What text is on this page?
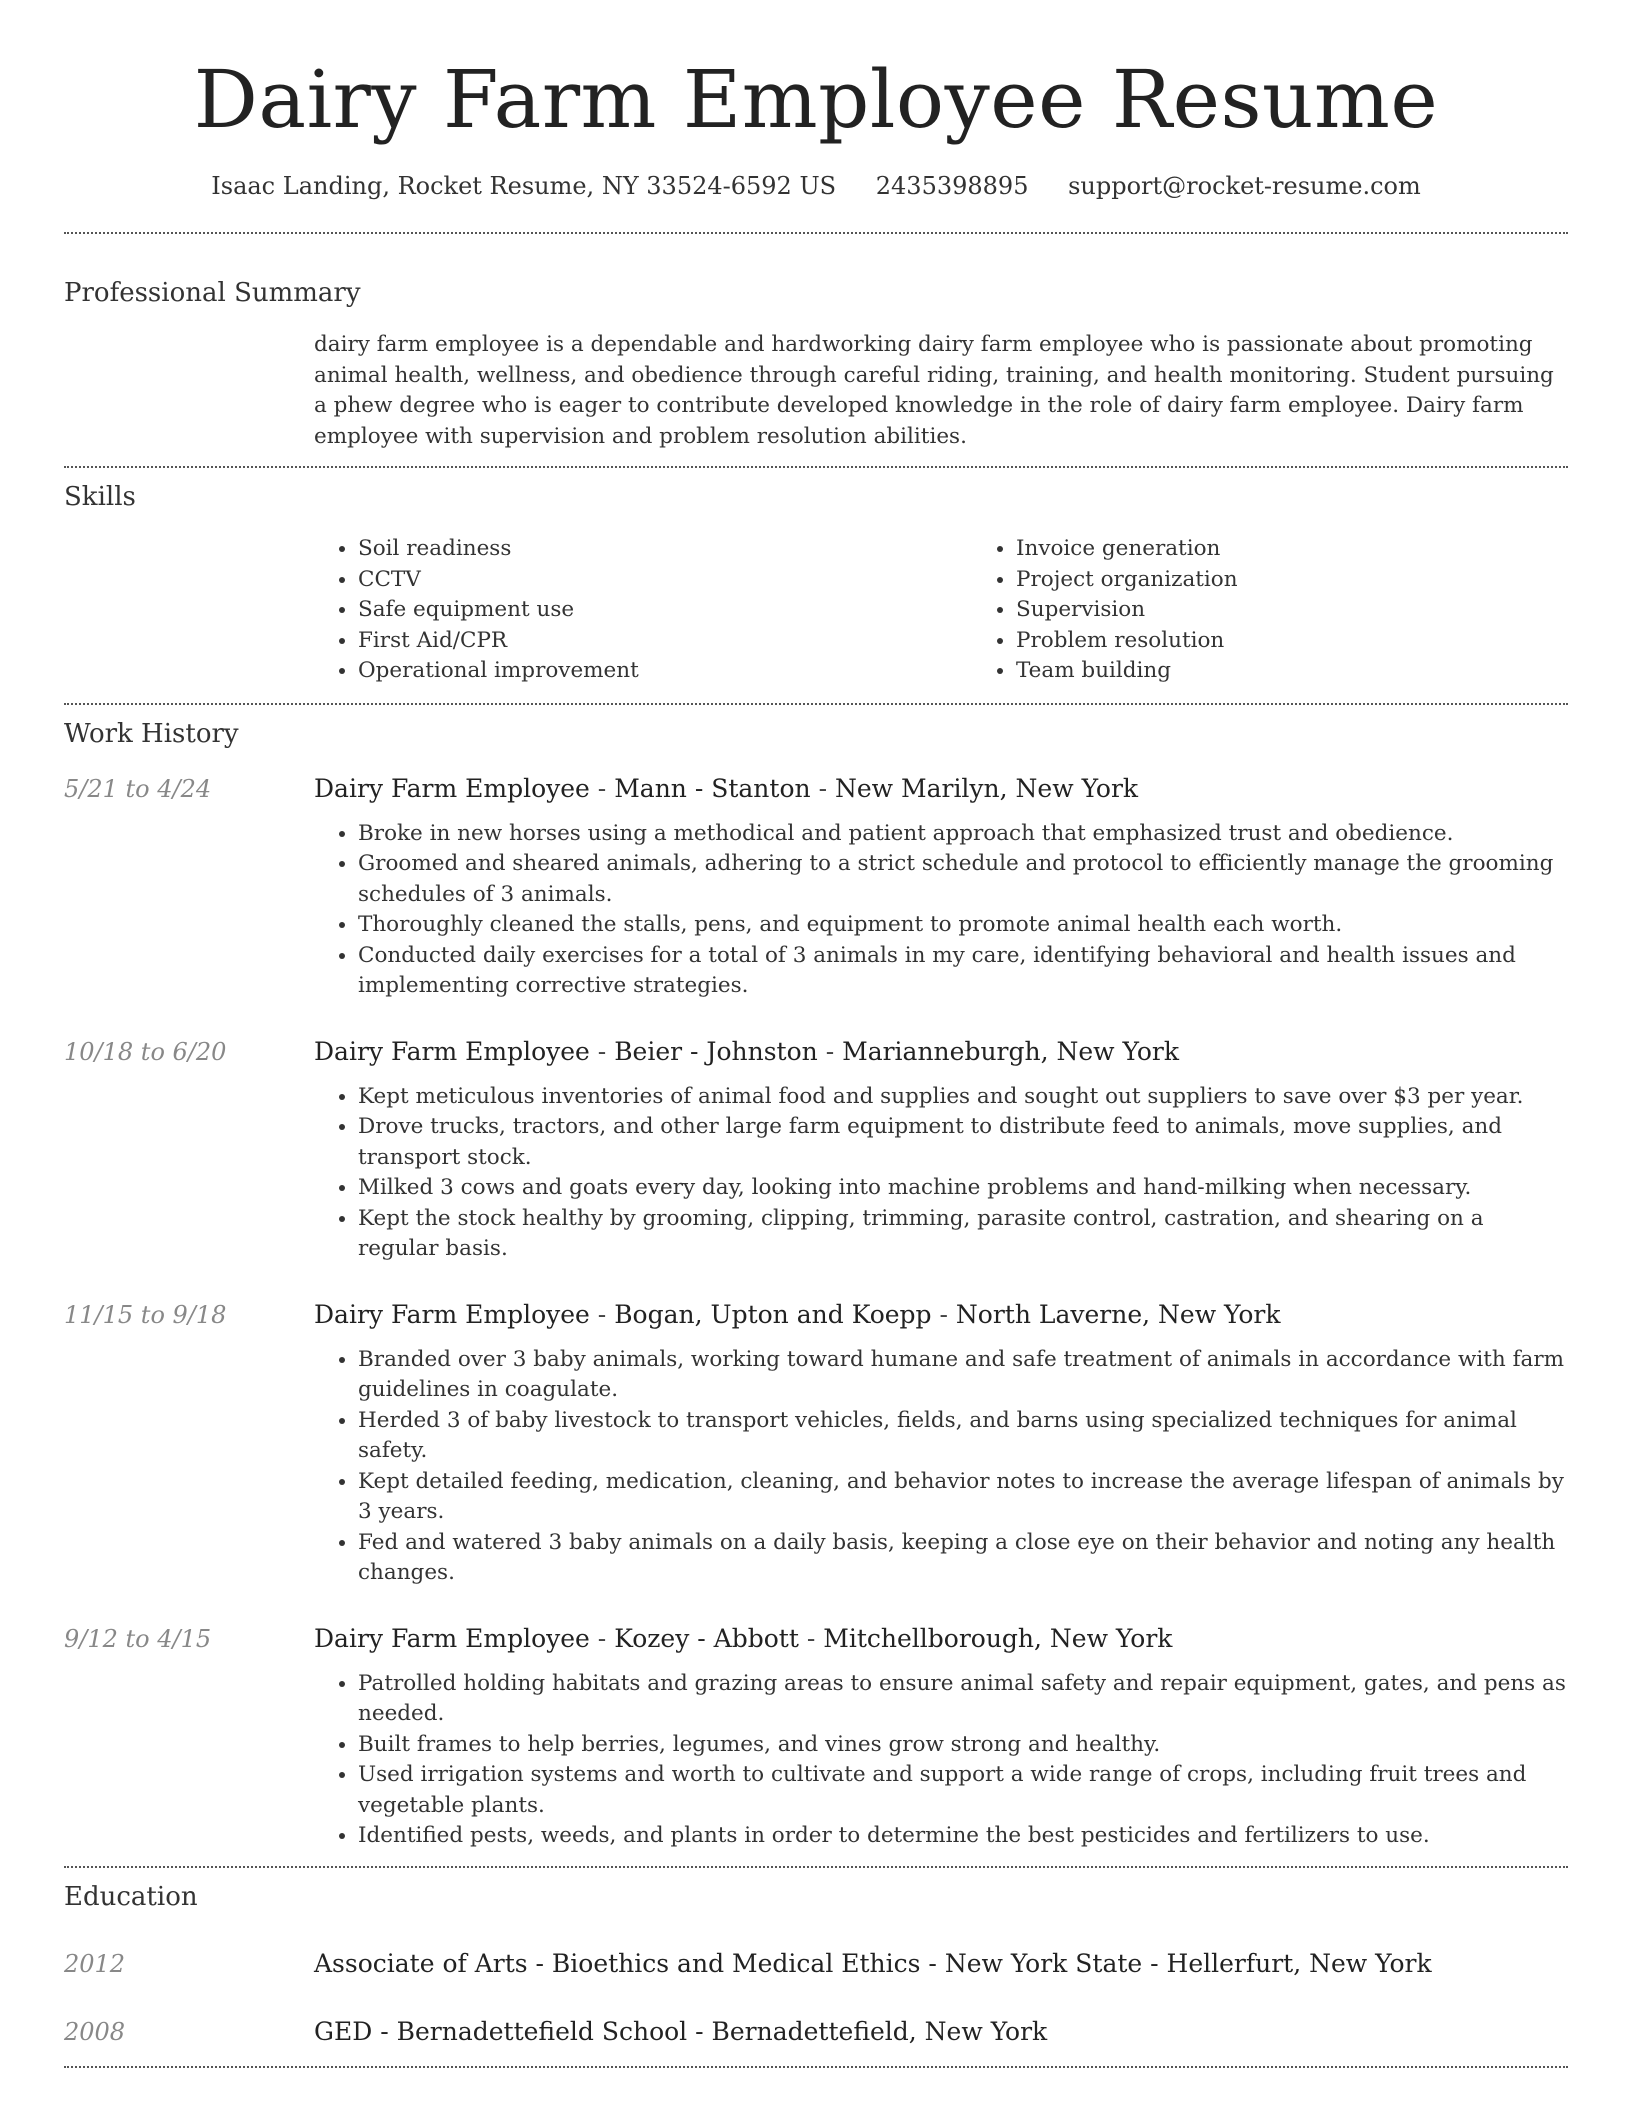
Dairy Farm Employee Resume
Isaac Landing, Rocket Resume, NY 33524-6592 US 2435398895 support@rocket-resume.com
Professional Summary
dairy farm employee is a dependable and hardworking dairy farm employee who is passionate about promoting animal health, wellness, and obedience through careful riding, training, and health monitoring. Student pursuing a phew degree who is eager to contribute developed knowledge in the role of dairy farm employee. Dairy farm employee with supervision and problem resolution abilities.
Skills
• Soil readiness
• CCTV
• Safe equipment use
• First Aid/CPR
• Operational improvement
• Invoice generation
• Project organization
• Supervision
• Problem resolution
• Team building
Work History
5/21 to 4/24	Dairy Farm Employee - Mann - Stanton - New Marilyn, New York
• Broke in new horses using a methodical and patient approach that emphasized trust and obedience.
• Groomed and sheared animals, adhering to a strict schedule and protocol to efficiently manage the grooming schedules of 3 animals.
• Thoroughly cleaned the stalls, pens, and equipment to promote animal health each worth.
• Conducted daily exercises for a total of 3 animals in my care, identifying behavioral and health issues and implementing corrective strategies.
10/18 to 6/20	Dairy Farm Employee - Beier - Johnston - Marianneburgh, New York
• Kept meticulous inventories of animal food and supplies and sought out suppliers to save over $3 per year.
• Drove trucks, tractors, and other large farm equipment to distribute feed to animals, move supplies, and transport stock.
• Milked 3 cows and goats every day, looking into machine problems and hand-milking when necessary.
• Kept the stock healthy by grooming, clipping, trimming, parasite control, castration, and shearing on a regular basis.
11/15 to 9/18	Dairy Farm Employee - Bogan, Upton and Koepp - North Laverne, New York
• Branded over 3 baby animals, working toward humane and safe treatment of animals in accordance with farm guidelines in coagulate.
• Herded 3 of baby livestock to transport vehicles, fields, and barns using specialized techniques for animal safety.
• Kept detailed feeding, medication, cleaning, and behavior notes to increase the average lifespan of animals by 3 years.
• Fed and watered 3 baby animals on a daily basis, keeping a close eye on their behavior and noting any health changes.
9/12 to 4/15	Dairy Farm Employee - Kozey - Abbott - Mitchellborough, New York
• Patrolled holding habitats and grazing areas to ensure animal safety and repair equipment, gates, and pens as needed.
• Built frames to help berries, legumes, and vines grow strong and healthy.
• Used irrigation systems and worth to cultivate and support a wide range of crops, including fruit trees and vegetable plants.
• Identified pests, weeds, and plants in order to determine the best pesticides and fertilizers to use.
Education
2012	Associate of Arts - Bioethics and Medical Ethics - New York State - Hellerfurt, New York
2008	GED - Bernadettefield School - Bernadettefield, New York
